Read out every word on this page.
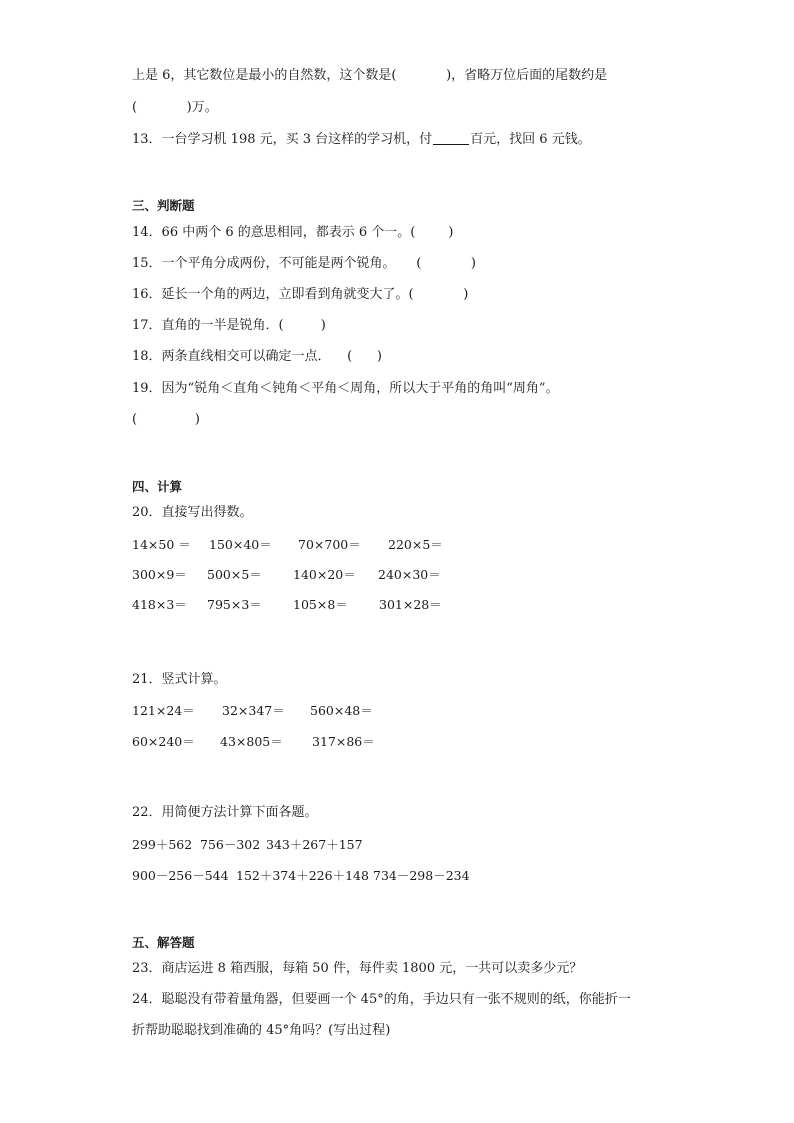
上是 6，其它数位是最小的自然数，这个数是(            )，省略万位后面的尾数约是
(            )万。
13．一台学习机 198 元，买 3 台这样的学习机，付	百元，找回 6 元钱。
三、判断题
14．66 中两个 6 的意思相同，都表示 6 个一。(        )
15．一个平角分成两份，不可能是两个锐角。     (            )
16．延长一个角的两边，立即看到角就变大了。(            )
17．直角的一半是锐角．(         )
18．两条直线相交可以确定一点．    (      )
19．因为“锐角＜直角＜钝角＜平角＜周角，所以大于平角的角叫“周角”。
(              )
四、计算
20．直接写出得数。

14×50 ＝

150×40＝

70×700＝

220×5＝

300×9＝

500×5＝

140×20＝

240×30＝

418×3＝

795×3＝

105×8＝

301×28＝

21．竖式计算。

121×24＝

32×347＝

560×48＝

60×240＝

43×805＝

317×86＝

22．用简便方法计算下面各题。

299＋562

756－302

343＋267＋157

900－256－544

152＋374＋226＋148

734－298－234

五、解答题
23．商店运进 8 箱西服，每箱 50 件，每件卖 1800 元，一共可以卖多少元？
24．聪聪没有带着量角器，但要画一个 45°的角，手边只有一张不规则的纸，你能折一
折帮助聪聪找到准确的 45°角吗？(写出过程)
